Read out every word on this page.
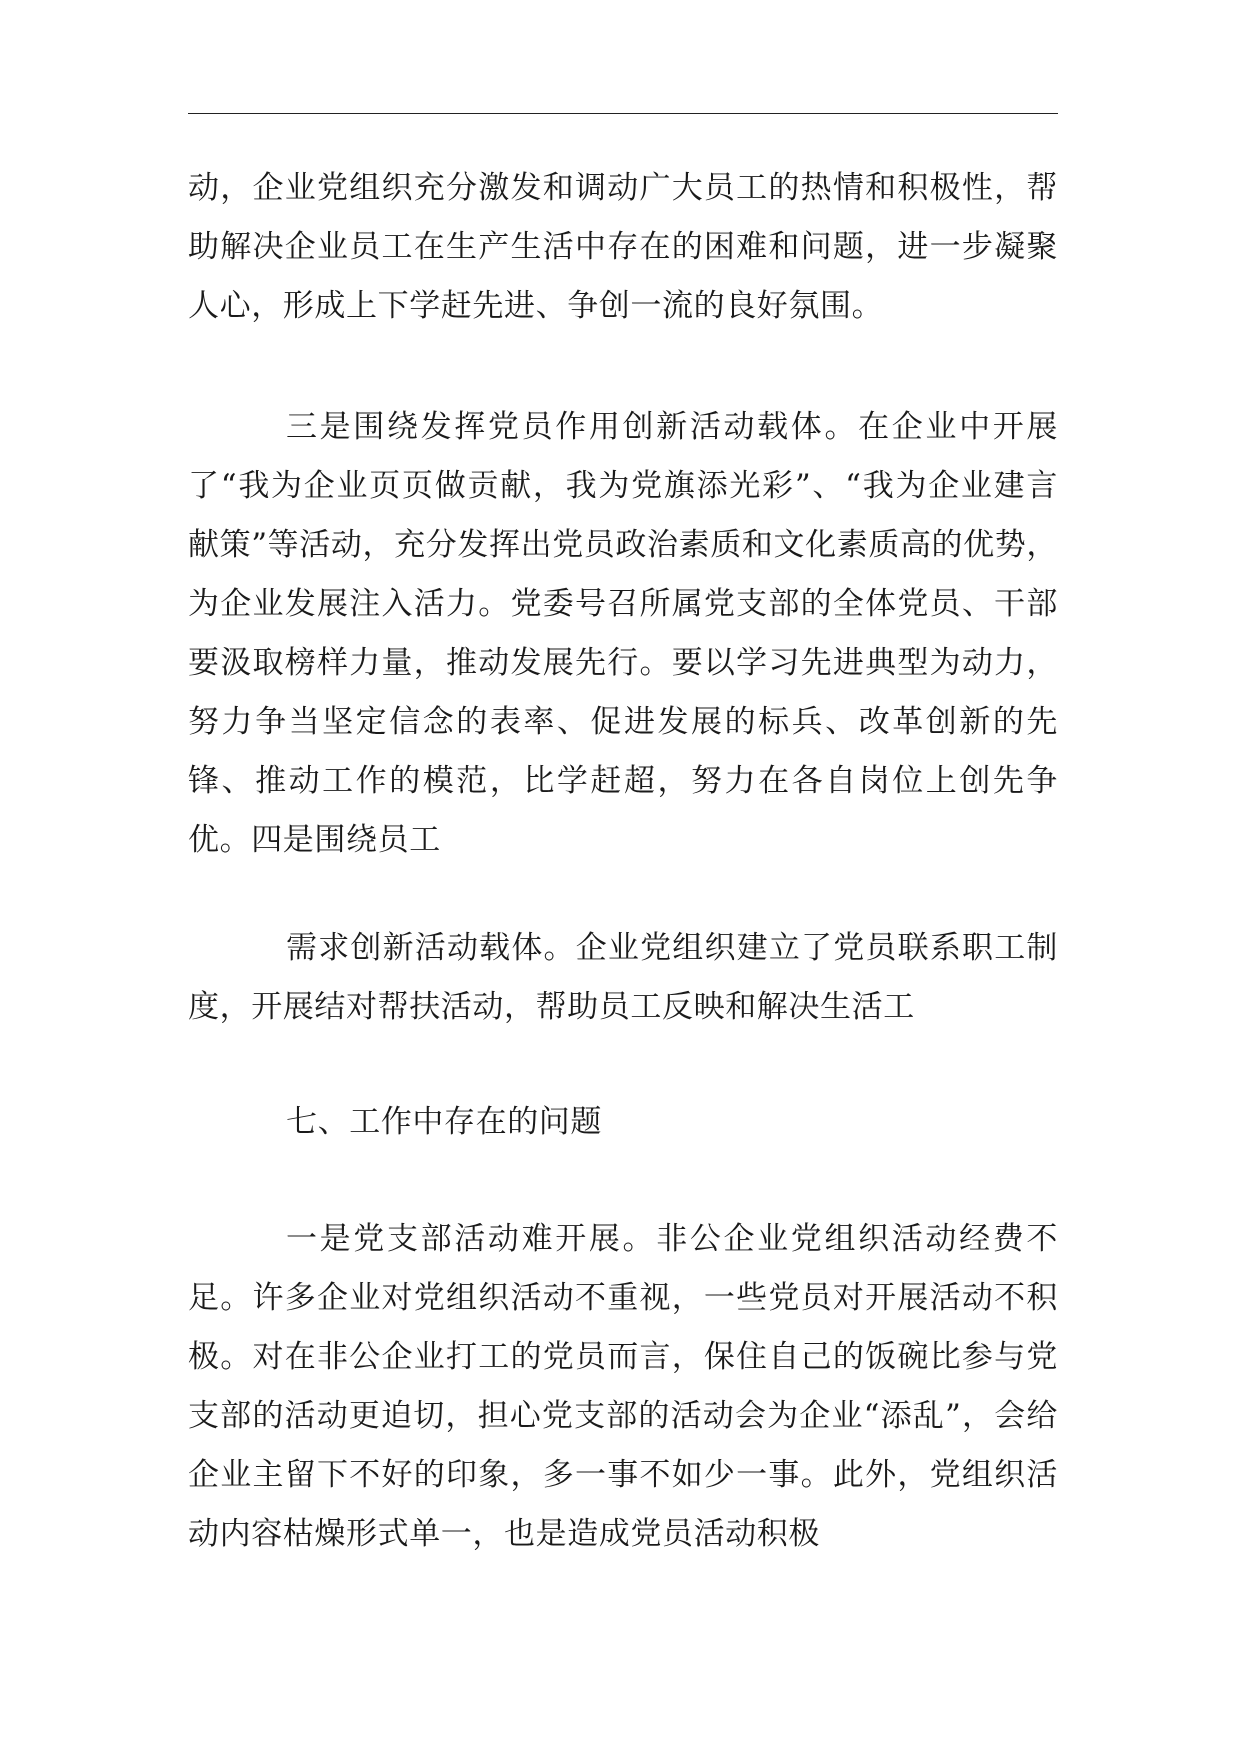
动，企业党组织充分激发和调动广大员工的热情和积极性，帮助解决企业员工在生产生活中存在的困难和问题，进一步凝聚人心，形成上下学赶先进、争创一流的良好氛围。

三是围绕发挥党员作用创新活动载体。在企业中开展了“我为企业页页做贡献，我为党旗添光彩”、“我为企业建言献策”等活动，充分发挥出党员政治素质和文化素质高的优势，为企业发展注入活力。党委号召所属党支部的全体党员、干部要汲取榜样力量，推动发展先行。要以学习先进典型为动力，努力争当坚定信念的表率、促进发展的标兵、改革创新的先锋、推动工作的模范，比学赶超，努力在各自岗位上创先争优。四是围绕员工

需求创新活动载体。企业党组织建立了党员联系职工制度，开展结对帮扶活动，帮助员工反映和解决生活工

七、工作中存在的问题

一是党支部活动难开展。非公企业党组织活动经费不足。许多企业对党组织活动不重视，一些党员对开展活动不积极。对在非公企业打工的党员而言，保住自己的饭碗比参与党支部的活动更迫切，担心党支部的活动会为企业“添乱”，会给企业主留下不好的印象，多一事不如少一事。此外，党组织活动内容枯燥形式单一，也是造成党员活动积极
